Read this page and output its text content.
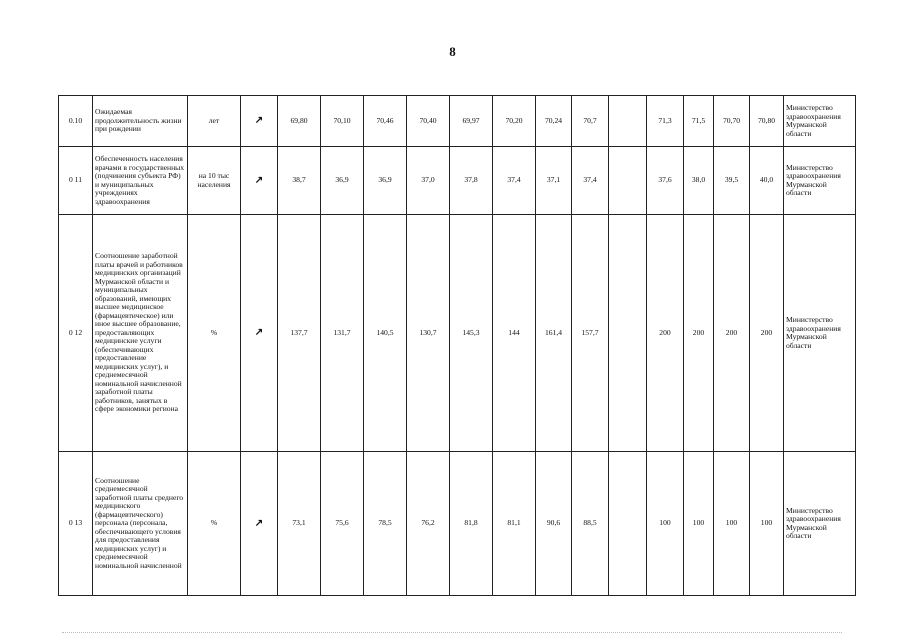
8
0.10	Ожидаемая продолжительность жизни при рождении	лет	↗	69,80	70,10	70,46	70,40	69,97	70,20	70,24	70,7		71,3	71,5	70,70	70,80	Министерство здравоохранения Мурманской области
0 11	Обеспеченность населения врачами в государственных (подчинения субъекта РФ) и муниципальных учреждениях здравоохранения	на 10 тыс населения	↗	38,7	36,9	36,9	37,0	37,8	37,4	37,1	37,4		37,6	38,0	39,5	40,0	Министерство здравоохранения Мурманской области
0 12	Соотношение заработной платы врачей и работников медицинских организаций Мурманской области и муниципальных образований, имеющих высшее медицинское (фармацевтическое) или иное высшее образование, предоставляющих медицинские услуги (обеспечивающих предоставление медицинских услуг), и среднемесячной номинальной начисленной заработной платы работников, занятых в сфере экономики региона	%	↗	137,7	131,7	140,5	130,7	145,3	144	161,4	157,7		200	200	200	200	Министерство здравоохранения Мурманской области
0 13	Соотношение среднемесячной заработной платы среднего медицинского (фармацевтического) персонала (персонала, обеспечивающего условия для предоставления медицинских услуг) и среднемесячной номинальной начисленной	%	↗	73,1	75,6	78,5	76,2	81,8	81,1	90,6	88,5		100	100	100	100	Министерство здравоохранения Мурманской области
